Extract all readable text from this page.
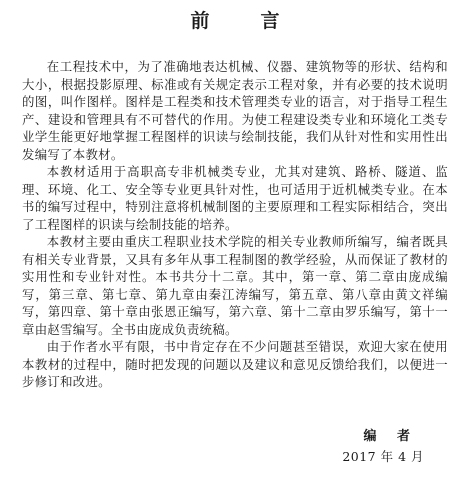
前　言

在工程技术中，为了准确地表达机械、仪器、建筑物等的形状、结构和大小，根据投影原理、标准或有关规定表示工程对象，并有必要的技术说明的图，叫作图样。图样是工程类和技术管理类专业的语言，对于指导工程生产、建设和管理具有不可替代的作用。为使工程建设类专业和环境化工类专业学生能更好地掌握工程图样的识读与绘制技能，我们从针对性和实用性出发编写了本教材。

本教材适用于高职高专非机械类专业，尤其对建筑、路桥、隧道、监理、环境、化工、安全等专业更具针对性，也可适用于近机械类专业。在本书的编写过程中，特别注意将机械制图的主要原理和工程实际相结合，突出了工程图样的识读与绘制技能的培养。

本教材主要由重庆工程职业技术学院的相关专业教师所编写，编者既具有相关专业背景，又具有多年从事工程制图的教学经验，从而保证了教材的实用性和专业针对性。本书共分十二章。其中，第一章、第二章由庞成编写，第三章、第七章、第九章由秦江涛编写，第五章、第八章由黄文祥编写，第四章、第十章由张恩正编写，第六章、第十二章由罗乐编写，第十一章由赵雪编写。全书由庞成负责统稿。

由于作者水平有限，书中肯定存在不少问题甚至错误，欢迎大家在使用本教材的过程中，随时把发现的问题以及建议和意见反馈给我们，以便进一步修订和改进。

编 者
2017 年 4 月
